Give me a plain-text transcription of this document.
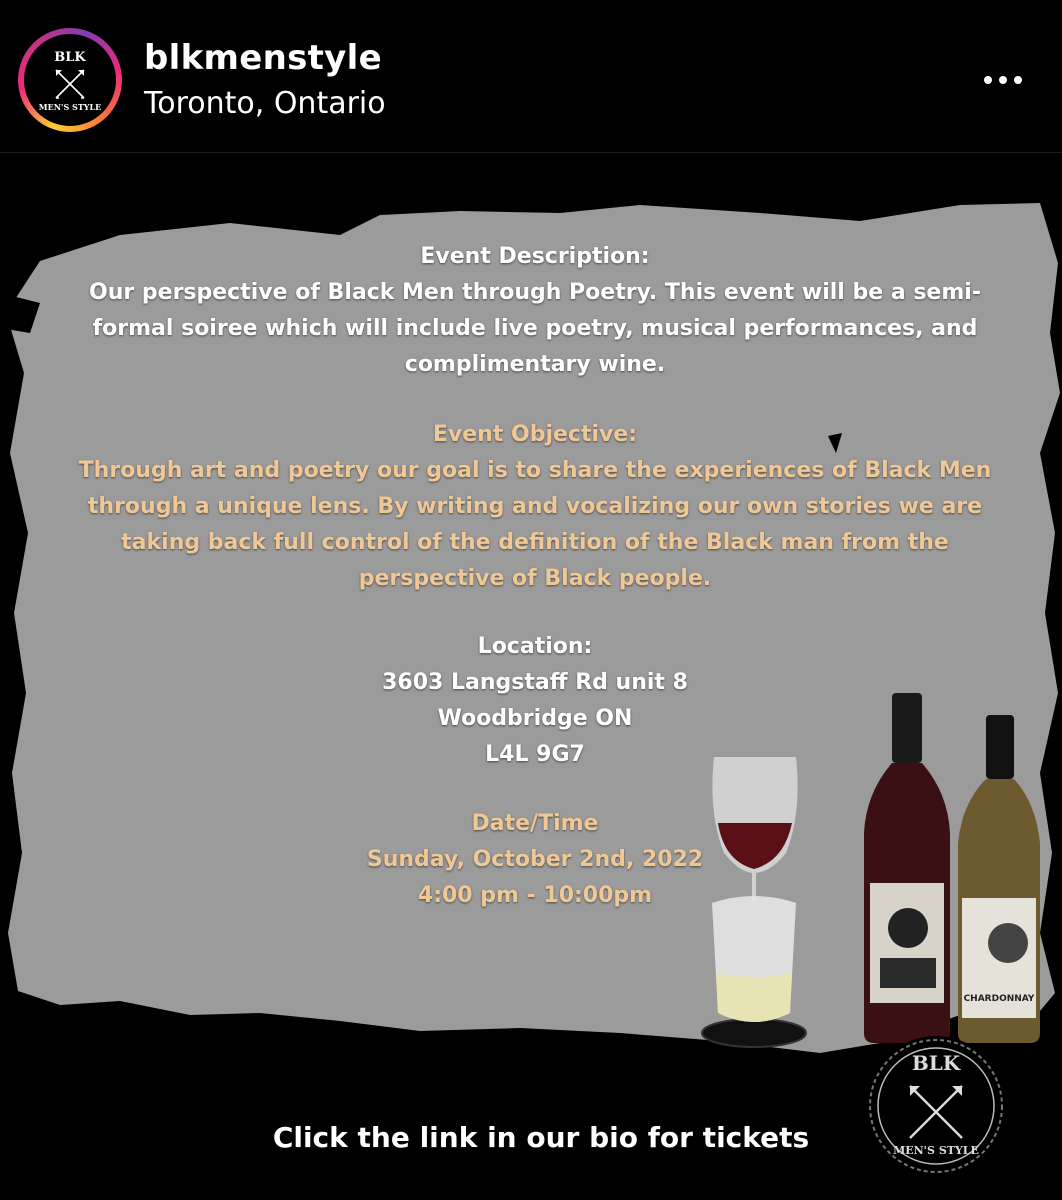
BLK
MEN'S STYLE
blkmenstyle
Toronto, Ontario
Event Description:
Our perspective of Black Men through Poetry. This event will be a semi-
formal soiree which will include live poetry, musical performances, and
complimentary wine.
Event Objective:
Through art and poetry our goal is to share the experiences of Black Men
through a unique lens. By writing and vocalizing our own stories we are
taking back full control of the definition of the Black man from the
perspective of Black people.
Location:
3603 Langstaff Rd unit 8
Woodbridge ON
L4L 9G7
Date/Time
Sunday, October 2nd, 2022
4:00 pm - 10:00pm
CHARDONNAY
BLK
MEN'S STYLE
Click the link in our bio for tickets
